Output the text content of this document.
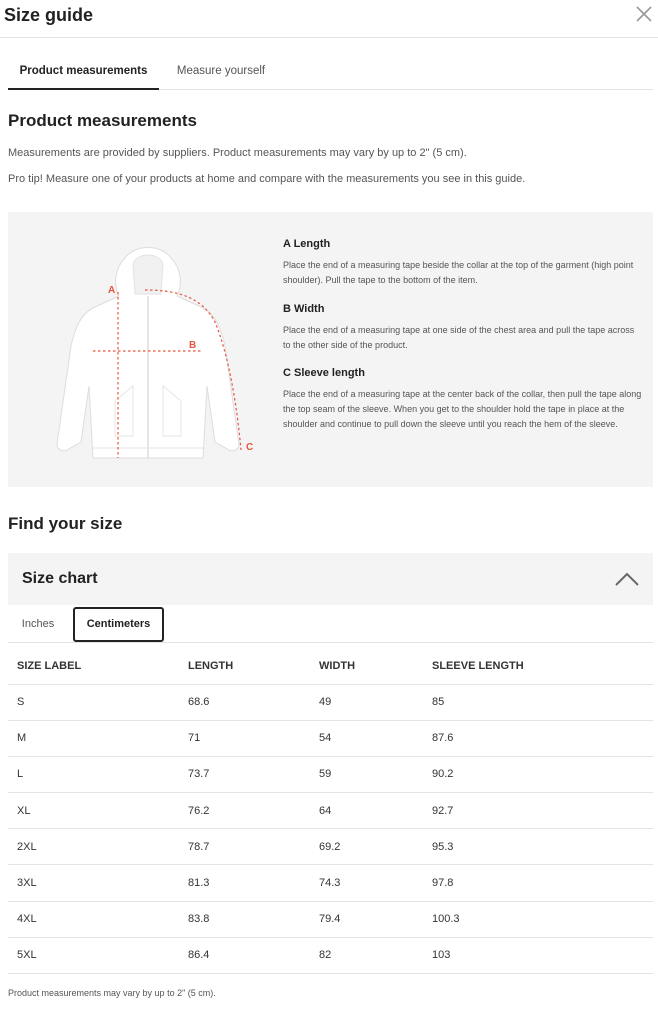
Size guide
Product measurements	Measure yourself
Product measurements
Measurements are provided by suppliers. Product measurements may vary by up to 2" (5 cm).
Pro tip! Measure one of your products at home and compare with the measurements you see in this guide.
A
B
C
A Length

Place the end of a measuring tape beside the collar at the top of the garment (high point shoulder). Pull the tape to the bottom of the item.

B Width

Place the end of a measuring tape at one side of the chest area and pull the tape across to the other side of the product.

C Sleeve length

Place the end of a measuring tape at the center back of the collar, then pull the tape along the top seam of the sleeve. When you get to the shoulder hold the tape in place at the shoulder and continue to pull down the sleeve until you reach the hem of the sleeve.

Find your size
Size chart
Inches	Centimeters
SIZE LABEL	LENGTH	WIDTH	SLEEVE LENGTH
S	68.6	49	85
M	71	54	87.6
L	73.7	59	90.2
XL	76.2	64	92.7
2XL	78.7	69.2	95.3
3XL	81.3	74.3	97.8
4XL	83.8	79.4	100.3
5XL	86.4	82	103
Product measurements may vary by up to 2" (5 cm).
